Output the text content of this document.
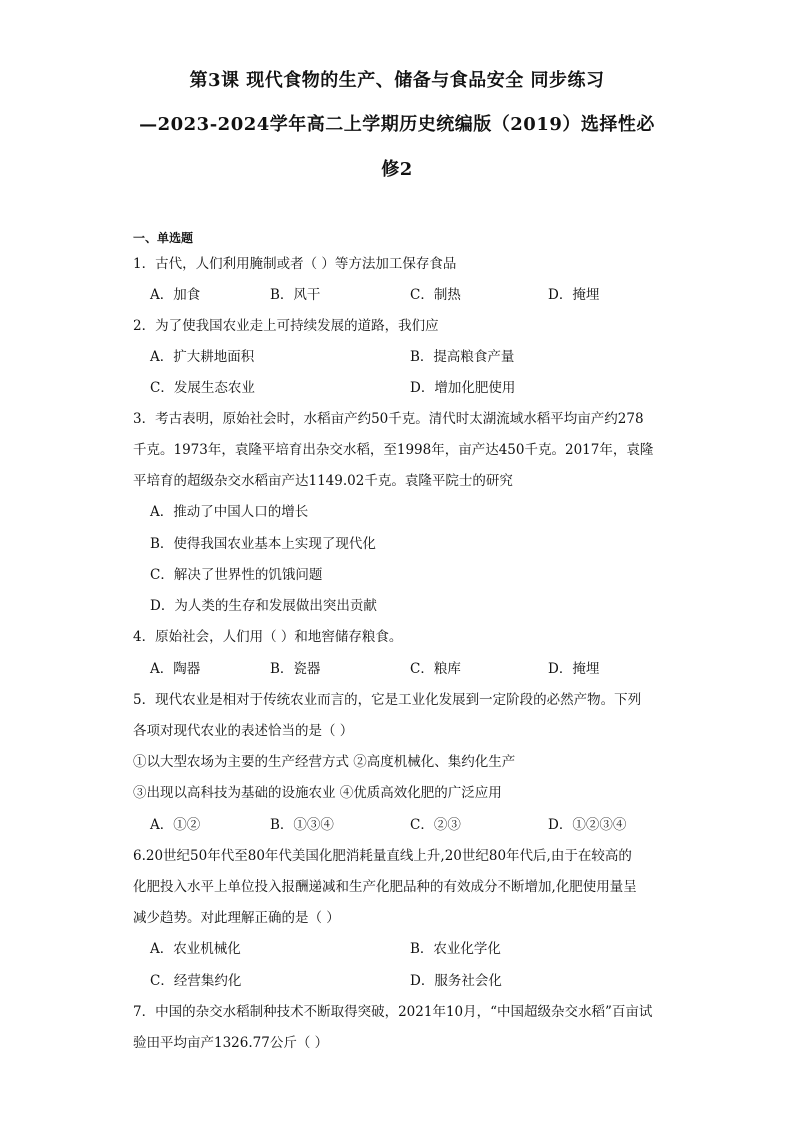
第3课 现代食物的生产、储备与食品安全 同步练习
—2023-2024学年高二上学期历史统编版（2019）选择性必
修2
一、单选题
1．古代，人们利用腌制或者（ ）等方法加工保存食品
A．加食	B．风干	C．制热	D．掩埋
2．为了使我国农业走上可持续发展的道路，我们应
A．扩大耕地面积	B．提高粮食产量
C．发展生态农业	D．增加化肥使用
3．考古表明，原始社会时，水稻亩产约50千克。清代时太湖流域水稻平均亩产约278
千克。1973年，袁隆平培育出杂交水稻，至1998年，亩产达450千克。2017年，袁隆
平培育的超级杂交水稻亩产达1149.02千克。袁隆平院士的研究
A．推动了中国人口的增长
B．使得我国农业基本上实现了现代化
C．解决了世界性的饥饿问题
D．为人类的生存和发展做出突出贡献
4．原始社会，人们用（ ）和地窖储存粮食。
A．陶器	B．瓷器	C．粮库	D．掩埋
5．现代农业是相对于传统农业而言的，它是工业化发展到一定阶段的必然产物。下列
各项对现代农业的表述恰当的是（ ）
①以大型农场为主要的生产经营方式 ②高度机械化、集约化生产
③出现以高科技为基础的设施农业 ④优质高效化肥的广泛应用
A．①②	B．①③④	C．②③	D．①②③④
6.20世纪50年代至80年代美国化肥消耗量直线上升,20世纪80年代后,由于在较高的
化肥投入水平上单位投入报酬递减和生产化肥品种的有效成分不断增加,化肥使用量呈
减少趋势。对此理解正确的是（ ）
A．农业机械化	B．农业化学化
C．经营集约化	D．服务社会化
7．中国的杂交水稻制种技术不断取得突破，2021年10月，“中国超级杂交水稻”百亩试
验田平均亩产1326.77公斤（ ）
